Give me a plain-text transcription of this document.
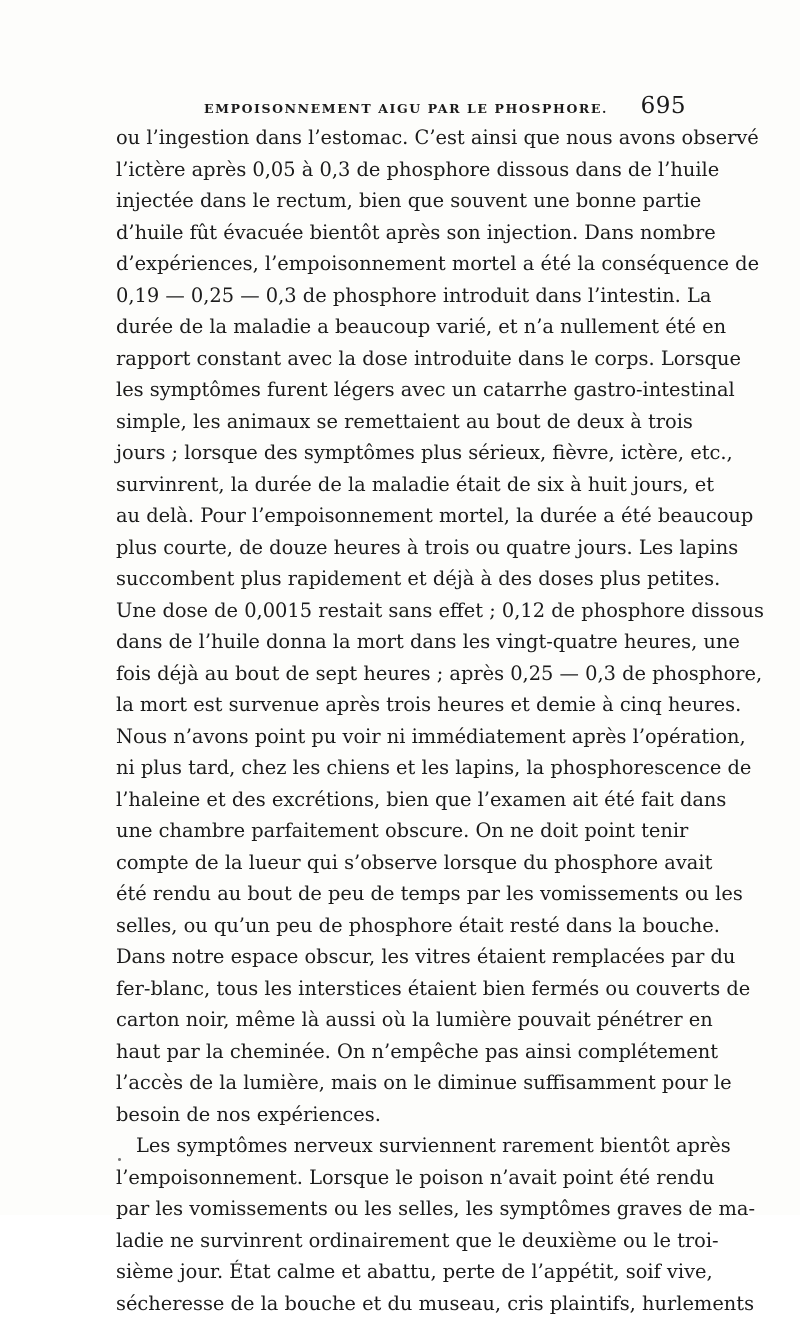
EMPOISONNEMENT AIGU PAR LE PHOSPHORE. 695
ou l’ingestion dans l’estomac. C’est ainsi que nous avons observé
l’ictère après 0,05 à 0,3 de phosphore dissous dans de l’huile
injectée dans le rectum, bien que souvent une bonne partie
d’huile fût évacuée bientôt après son injection. Dans nombre
d’expériences, l’empoisonnement mortel a été la conséquence de
0,19 — 0,25 — 0,3 de phosphore introduit dans l’intestin. La
durée de la maladie a beaucoup varié, et n’a nullement été en
rapport constant avec la dose introduite dans le corps. Lorsque
les symptômes furent légers avec un catarrhe gastro-intestinal
simple, les animaux se remettaient au bout de deux à trois
jours ; lorsque des symptômes plus sérieux, fièvre, ictère, etc.,
survinrent, la durée de la maladie était de six à huit jours, et
au delà. Pour l’empoisonnement mortel, la durée a été beaucoup
plus courte, de douze heures à trois ou quatre jours. Les lapins
succombent plus rapidement et déjà à des doses plus petites.
Une dose de 0,0015 restait sans effet ; 0,12 de phosphore dissous
dans de l’huile donna la mort dans les vingt-quatre heures, une
fois déjà au bout de sept heures ; après 0,25 — 0,3 de phosphore,
la mort est survenue après trois heures et demie à cinq heures.
Nous n’avons point pu voir ni immédiatement après l’opération,
ni plus tard, chez les chiens et les lapins, la phosphorescence de
l’haleine et des excrétions, bien que l’examen ait été fait dans
une chambre parfaitement obscure. On ne doit point tenir
compte de la lueur qui s’observe lorsque du phosphore avait
été rendu au bout de peu de temps par les vomissements ou les
selles, ou qu’un peu de phosphore était resté dans la bouche.
Dans notre espace obscur, les vitres étaient remplacées par du
fer-blanc, tous les interstices étaient bien fermés ou couverts de
carton noir, même là aussi où la lumière pouvait pénétrer en
haut par la cheminée. On n’empêche pas ainsi complétement
l’accès de la lumière, mais on le diminue suffisamment pour le
besoin de nos expériences.
Les symptômes nerveux surviennent rarement bientôt après
l’empoisonnement. Lorsque le poison n’avait point été rendu
par les vomissements ou les selles, les symptômes graves de ma-
ladie ne survinrent ordinairement que le deuxième ou le troi-
sième jour. État calme et abattu, perte de l’appétit, soif vive,
sécheresse de la bouche et du museau, cris plaintifs, hurlements
